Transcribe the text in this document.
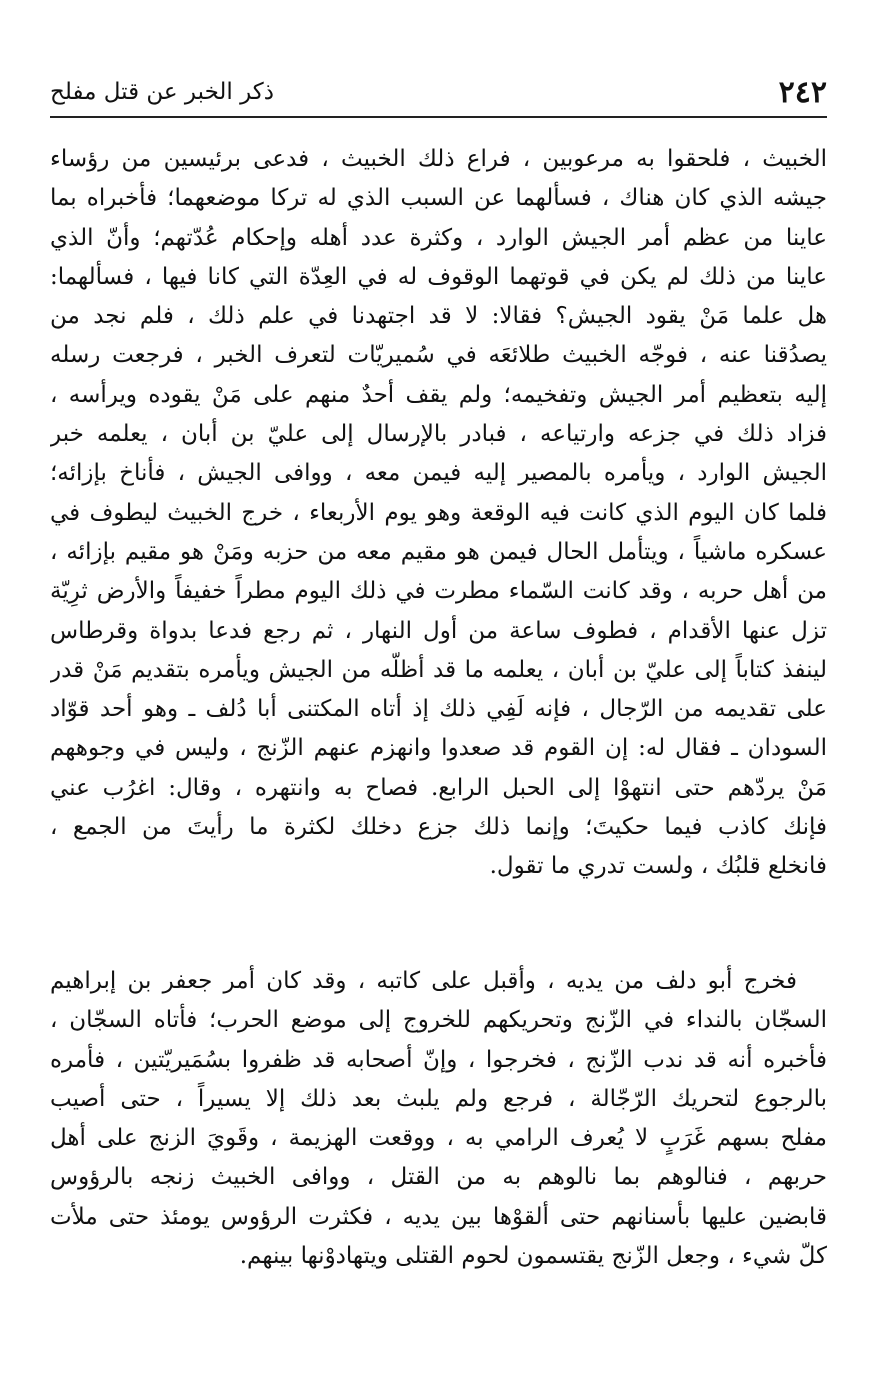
٢٤٢
ذكر الخبر عن قتل مفلح
الخبيث ، فلحقوا به مرعوبين ، فراع ذلك الخبيث ، فدعى برئيسين من رؤساء
جيشه الذي كان هناك ، فسألهما عن السبب الذي له تركا موضعهما؛ فأخبراه بما
عاينا من عظم أمر الجيش الوارد ، وكثرة عدد أهله وإحكام عُدّتهم؛ وأنّ الذي
عاينا من ذلك لم يكن في قوتهما الوقوف له في العِدّة التي كانا فيها ، فسألهما:
هل علما مَنْ يقود الجيش؟ فقالا: لا قد اجتهدنا في علم ذلك ، فلم نجد من
يصدُقنا عنه ، فوجّه الخبيث طلائعَه في سُميريّات لتعرف الخبر ، فرجعت رسله
إليه بتعظيم أمر الجيش وتفخيمه؛ ولم يقف أحدٌ منهم على مَنْ يقوده ويرأسه ،
فزاد ذلك في جزعه وارتياعه ، فبادر بالإرسال إلى عليّ بن أبان ، يعلمه خبر
الجيش الوارد ، ويأمره بالمصير إليه فيمن معه ، ووافى الجيش ، فأناخ بإزائه؛
فلما كان اليوم الذي كانت فيه الوقعة وهو يوم الأربعاء ، خرج الخبيث ليطوف في
عسكره ماشياً ، ويتأمل الحال فيمن هو مقيم معه من حزبه ومَنْ هو مقيم بإزائه ،
من أهل حربه ، وقد كانت السّماء مطرت في ذلك اليوم مطراً خفيفاً والأرض ثرِيّة
تزل عنها الأقدام ، فطوف ساعة من أول النهار ، ثم رجع فدعا بدواة وقرطاس
لينفذ كتاباً إلى عليّ بن أبان ، يعلمه ما قد أظلّه من الجيش ويأمره بتقديم مَنْ قدر
على تقديمه من الرّجال ، فإنه لَفِي ذلك إذ أتاه المكتنى أبا دُلف ـ وهو أحد قوّاد
السودان ـ فقال له: إن القوم قد صعدوا وانهزم عنهم الزّنج ، وليس في وجوههم
مَنْ يردّهم حتى انتهوْا إلى الحبل الرابع. فصاح به وانتهره ، وقال: اغرُب عني
فإنك كاذب فيما حكيتَ؛ وإنما ذلك جزع دخلك لكثرة ما رأيتَ من الجمع ،
فانخلع قلبُك ، ولست تدري ما تقول.
فخرج أبو دلف من يديه ، وأقبل على كاتبه ، وقد كان أمر جعفر بن إبراهيم
السجّان بالنداء في الزّنج وتحريكهم للخروج إلى موضع الحرب؛ فأتاه السجّان ،
فأخبره أنه قد ندب الزّنج ، فخرجوا ، وإنّ أصحابه قد ظفروا بسُمَيريّتين ، فأمره
بالرجوع لتحريك الرّجّالة ، فرجع ولم يلبث بعد ذلك إلا يسيراً ، حتى أصيب
مفلح بسهم غَرَبٍ لا يُعرف الرامي به ، ووقعت الهزيمة ، وقَويَ الزنج على أهل
حربهم ، فنالوهم بما نالوهم به من القتل ، ووافى الخبيث زنجه بالرؤوس
قابضين عليها بأسنانهم حتى ألقوْها بين يديه ، فكثرت الرؤوس يومئذ حتى ملأت
كلّ شيء ، وجعل الزّنج يقتسمون لحوم القتلى ويتهادوْنها بينهم.
